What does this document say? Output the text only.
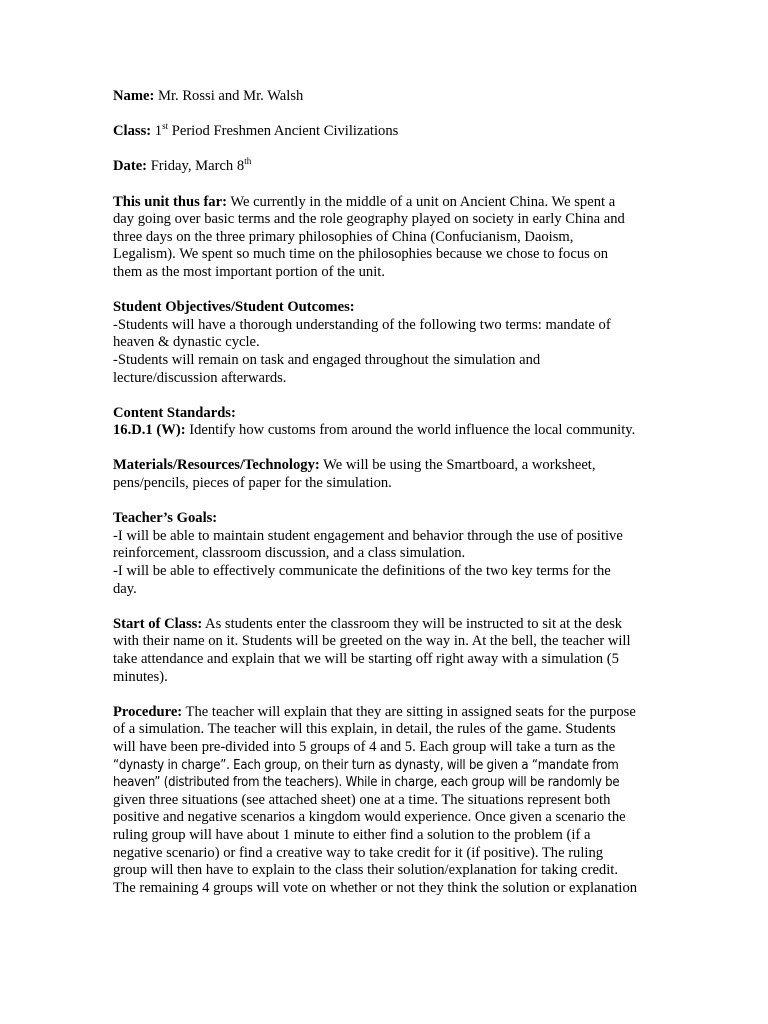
Name: Mr. Rossi and Mr. Walsh
Class: 1st Period Freshmen Ancient Civilizations
Date: Friday, March 8th
This unit thus far: We currently in the middle of a unit on Ancient China. We spent a
day going over basic terms and the role geography played on society in early China and
three days on the three primary philosophies of China (Confucianism, Daoism,
Legalism). We spent so much time on the philosophies because we chose to focus on
them as the most important portion of the unit.
Student Objectives/Student Outcomes:
-Students will have a thorough understanding of the following two terms: mandate of
heaven & dynastic cycle.
-Students will remain on task and engaged throughout the simulation and
lecture/discussion afterwards.
Content Standards:
16.D.1 (W): Identify how customs from around the world influence the local community.
Materials/Resources/Technology: We will be using the Smartboard, a worksheet,
pens/pencils, pieces of paper for the simulation.
Teacher’s Goals:
-I will be able to maintain student engagement and behavior through the use of positive
reinforcement, classroom discussion, and a class simulation.
-I will be able to effectively communicate the definitions of the two key terms for the
day.
Start of Class: As students enter the classroom they will be instructed to sit at the desk
with their name on it. Students will be greeted on the way in. At the bell, the teacher will
take attendance and explain that we will be starting off right away with a simulation (5
minutes).
Procedure: The teacher will explain that they are sitting in assigned seats for the purpose
of a simulation. The teacher will this explain, in detail, the rules of the game. Students
will have been pre-divided into 5 groups of 4 and 5. Each group will take a turn as the
“dynasty in charge”. Each group, on their turn as dynasty, will be given a “mandate from
heaven” (distributed from the teachers). While in charge, each group will be randomly be
given three situations (see attached sheet) one at a time. The situations represent both
positive and negative scenarios a kingdom would experience. Once given a scenario the
ruling group will have about 1 minute to either find a solution to the problem (if a
negative scenario) or find a creative way to take credit for it (if positive). The ruling
group will then have to explain to the class their solution/explanation for taking credit.
The remaining 4 groups will vote on whether or not they think the solution or explanation
